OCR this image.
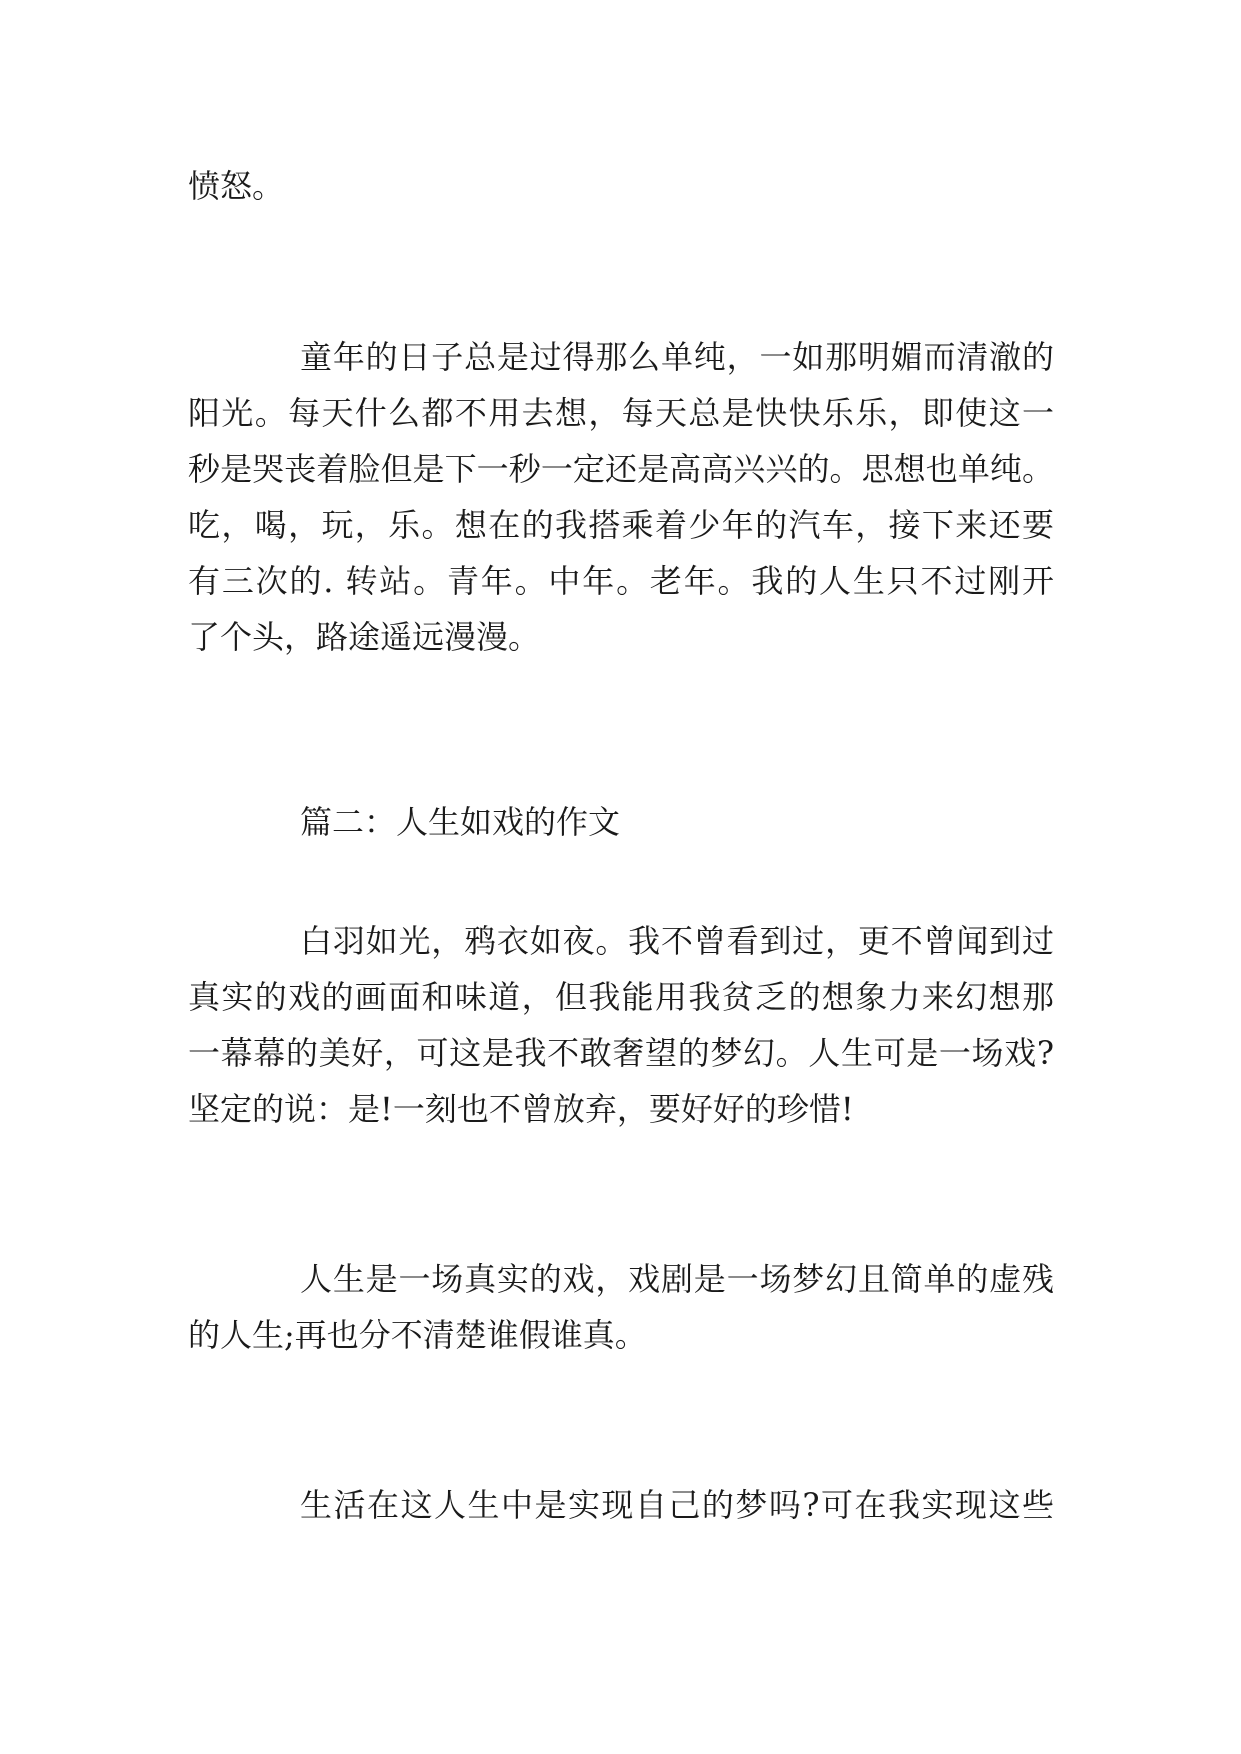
愤怒。
童年的日子总是过得那么单纯，一如那明媚而清澈的
阳光。每天什么都不用去想，每天总是快快乐乐，即使这一
秒是哭丧着脸但是下一秒一定还是高高兴兴的。思想也单纯。
吃，喝，玩，乐。想在的我搭乘着少年的汽车，接下来还要
有三次的. 转站。青年。中年。老年。我的人生只不过刚开
了个头，路途遥远漫漫。
篇二：人生如戏的作文
白羽如光，鸦衣如夜。我不曾看到过，更不曾闻到过
真实的戏的画面和味道，但我能用我贫乏的想象力来幻想那
一幕幕的美好，可这是我不敢奢望的梦幻。人生可是一场戏?
坚定的说：是!一刻也不曾放弃，要好好的珍惜!
人生是一场真实的戏，戏剧是一场梦幻且简单的虚残
的人生;再也分不清楚谁假谁真。
生活在这人生中是实现自己的梦吗?可在我实现这些
